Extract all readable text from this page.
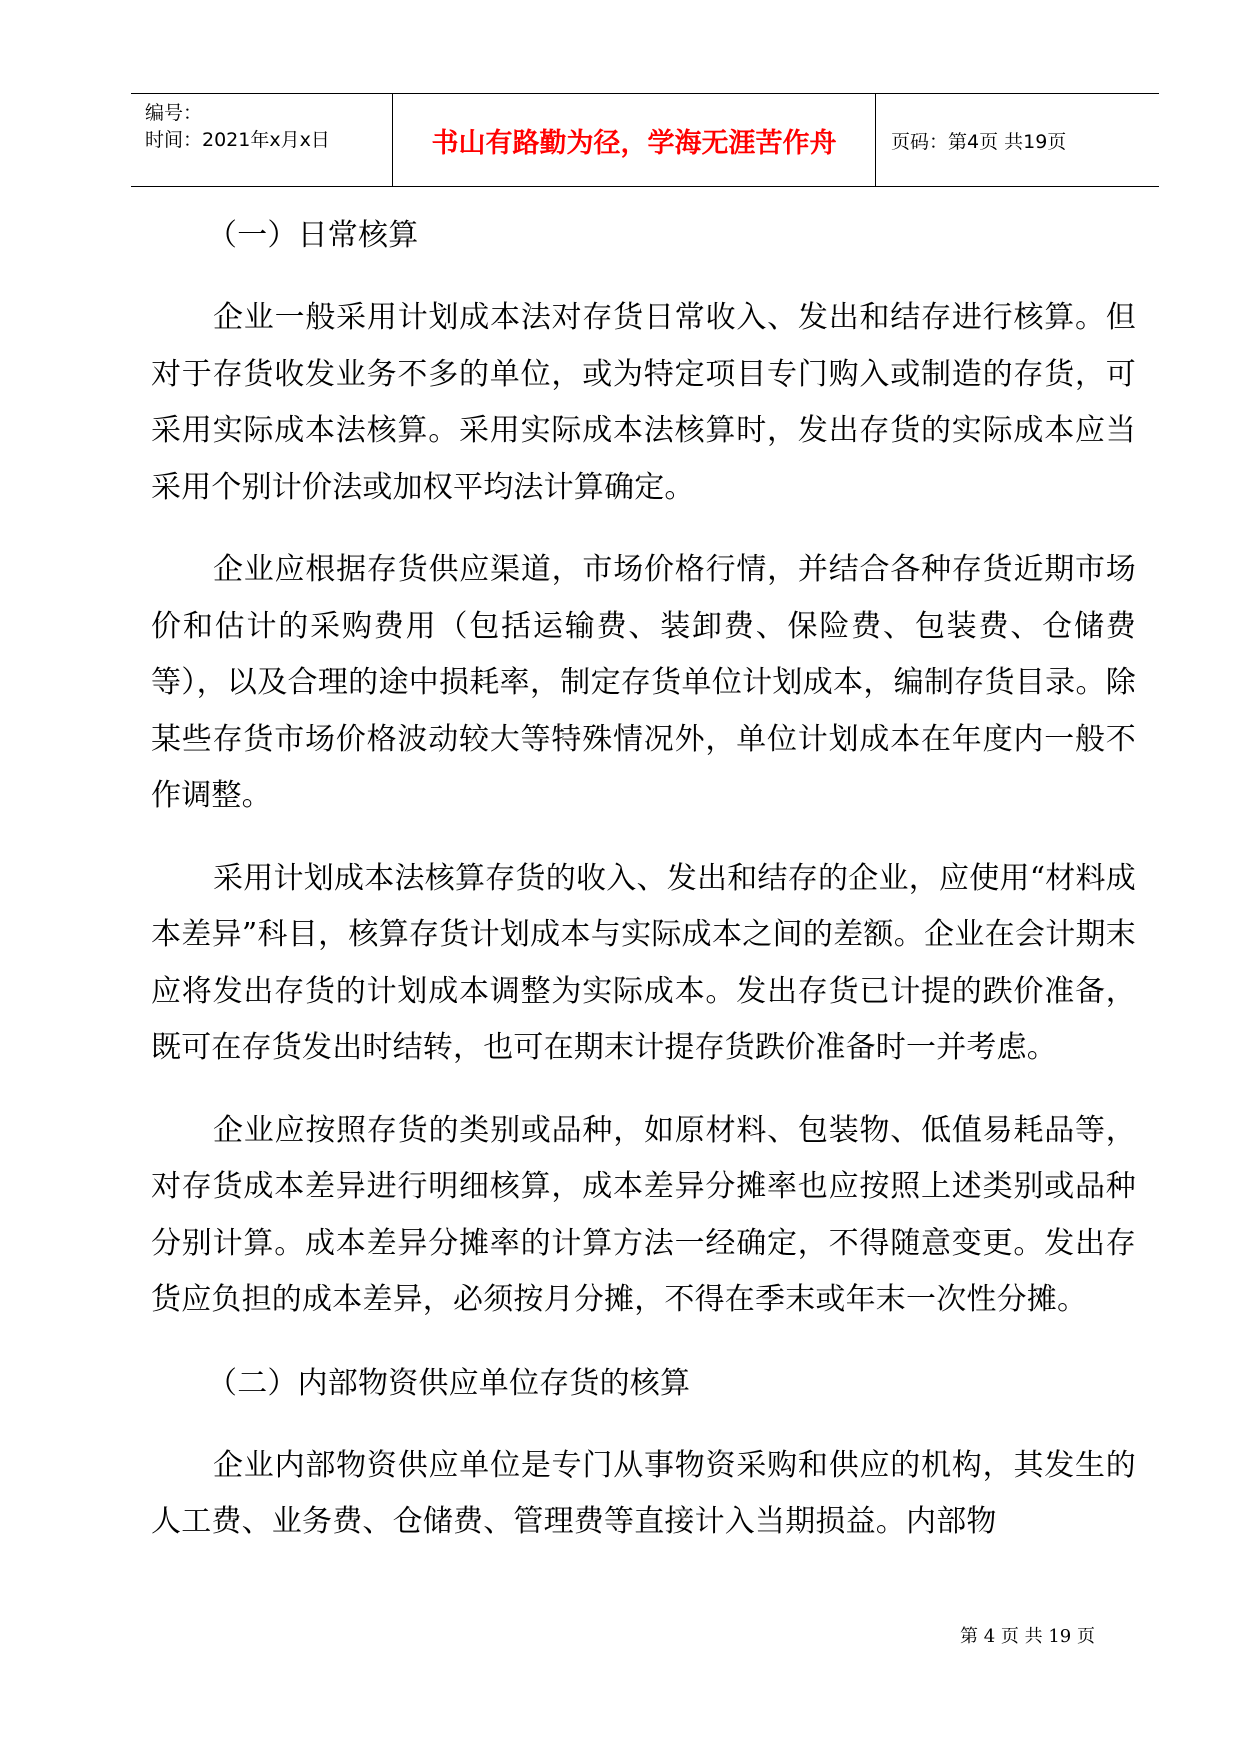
编号：
时间：2021年x月x日	书山有路勤为径，学海无涯苦作舟	页码：第4页 共19页

（一）日常核算

企业一般采用计划成本法对存货日常收入、发出和结存进行核算。但对于存货收发业务不多的单位，或为特定项目专门购入或制造的存货，可采用实际成本法核算。采用实际成本法核算时，发出存货的实际成本应当采用个别计价法或加权平均法计算确定。

企业应根据存货供应渠道，市场价格行情，并结合各种存货近期市场价和估计的采购费用（包括运输费、装卸费、保险费、包装费、仓储费等），以及合理的途中损耗率，制定存货单位计划成本，编制存货目录。除某些存货市场价格波动较大等特殊情况外，单位计划成本在年度内一般不作调整。

采用计划成本法核算存货的收入、发出和结存的企业，应使用“材料成本差异”科目，核算存货计划成本与实际成本之间的差额。企业在会计期末应将发出存货的计划成本调整为实际成本。发出存货已计提的跌价准备，既可在存货发出时结转，也可在期末计提存货跌价准备时一并考虑。

企业应按照存货的类别或品种，如原材料、包装物、低值易耗品等，对存货成本差异进行明细核算，成本差异分摊率也应按照上述类别或品种分别计算。成本差异分摊率的计算方法一经确定，不得随意变更。发出存货应负担的成本差异，必须按月分摊，不得在季末或年末一次性分摊。

（二）内部物资供应单位存货的核算

企业内部物资供应单位是专门从事物资采购和供应的机构，其发生的人工费、业务费、仓储费、管理费等直接计入当期损益。内部物

第 4 页 共 19 页
